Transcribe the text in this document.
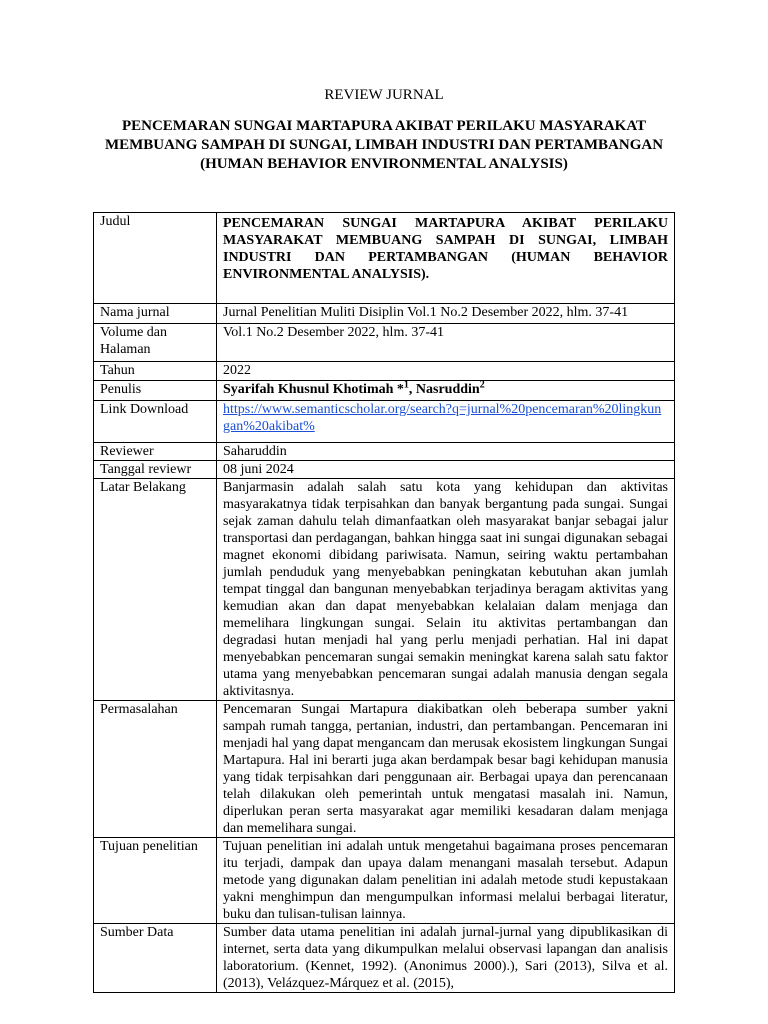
REVIEW JURNAL
PENCEMARAN SUNGAI MARTAPURA AKIBAT PERILAKU MASYARAKAT MEMBUANG SAMPAH DI SUNGAI, LIMBAH INDUSTRI DAN PERTAMBANGAN (HUMAN BEHAVIOR ENVIRONMENTAL ANALYSIS)
Judul	PENCEMARAN SUNGAI MARTAPURA AKIBAT PERILAKU MASYARAKAT MEMBUANG SAMPAH DI SUNGAI, LIMBAH INDUSTRI DAN PERTAMBANGAN (HUMAN BEHAVIOR ENVIRONMENTAL ANALYSIS).
Nama jurnal	Jurnal Penelitian Muliti Disiplin Vol.1 No.2 Desember 2022, hlm. 37-41
Volume dan Halaman	Vol.1 No.2 Desember 2022, hlm. 37-41
Tahun	2022
Penulis	Syarifah Khusnul Khotimah *$^1$, Nasruddin$^2$
Link Download	https://www.semanticscholar.org/search?q=jurnal%20pencemaran%20lingkungan%20akibat%
Reviewer	Saharuddin
Tanggal reviewr	08 juni 2024
Latar Belakang	Banjarmasin adalah salah satu kota yang kehidupan dan aktivitas masyarakatnya tidak terpisahkan dan banyak bergantung pada sungai. Sungai sejak zaman dahulu telah dimanfaatkan oleh masyarakat banjar sebagai jalur transportasi dan perdagangan, bahkan hingga saat ini sungai digunakan sebagai magnet ekonomi dibidang pariwisata. Namun, seiring waktu pertambahan jumlah penduduk yang menyebabkan peningkatan kebutuhan akan jumlah tempat tinggal dan bangunan menyebabkan terjadinya beragam aktivitas yang kemudian akan dan dapat menyebabkan kelalaian dalam menjaga dan memelihara lingkungan sungai. Selain itu aktivitas pertambangan dan degradasi hutan menjadi hal yang perlu menjadi perhatian. Hal ini dapat menyebabkan pencemaran sungai semakin meningkat karena salah satu faktor utama yang menyebabkan pencemaran sungai adalah manusia dengan segala aktivitasnya.
Permasalahan	Pencemaran Sungai Martapura diakibatkan oleh beberapa sumber yakni sampah rumah tangga, pertanian, industri, dan pertambangan. Pencemaran ini menjadi hal yang dapat mengancam dan merusak ekosistem lingkungan Sungai Martapura. Hal ini berarti juga akan berdampak besar bagi kehidupan manusia yang tidak terpisahkan dari penggunaan air. Berbagai upaya dan perencanaan telah dilakukan oleh pemerintah untuk mengatasi masalah ini. Namun, diperlukan peran serta masyarakat agar memiliki kesadaran dalam menjaga dan memelihara sungai.
Tujuan penelitian	Tujuan penelitian ini adalah untuk mengetahui bagaimana proses pencemaran itu terjadi, dampak dan upaya dalam menangani masalah tersebut. Adapun metode yang digunakan dalam penelitian ini adalah metode studi kepustakaan yakni menghimpun dan mengumpulkan informasi melalui berbagai literatur, buku dan tulisan-tulisan lainnya.
Sumber Data	Sumber data utama penelitian ini adalah jurnal-jurnal yang dipublikasikan di internet, serta data yang dikumpulkan melalui observasi lapangan dan analisis laboratorium. (Kennet, 1992). (Anonimus 2000).), Sari (2013), Silva et al. (2013), Velázquez-Márquez et al. (2015),
